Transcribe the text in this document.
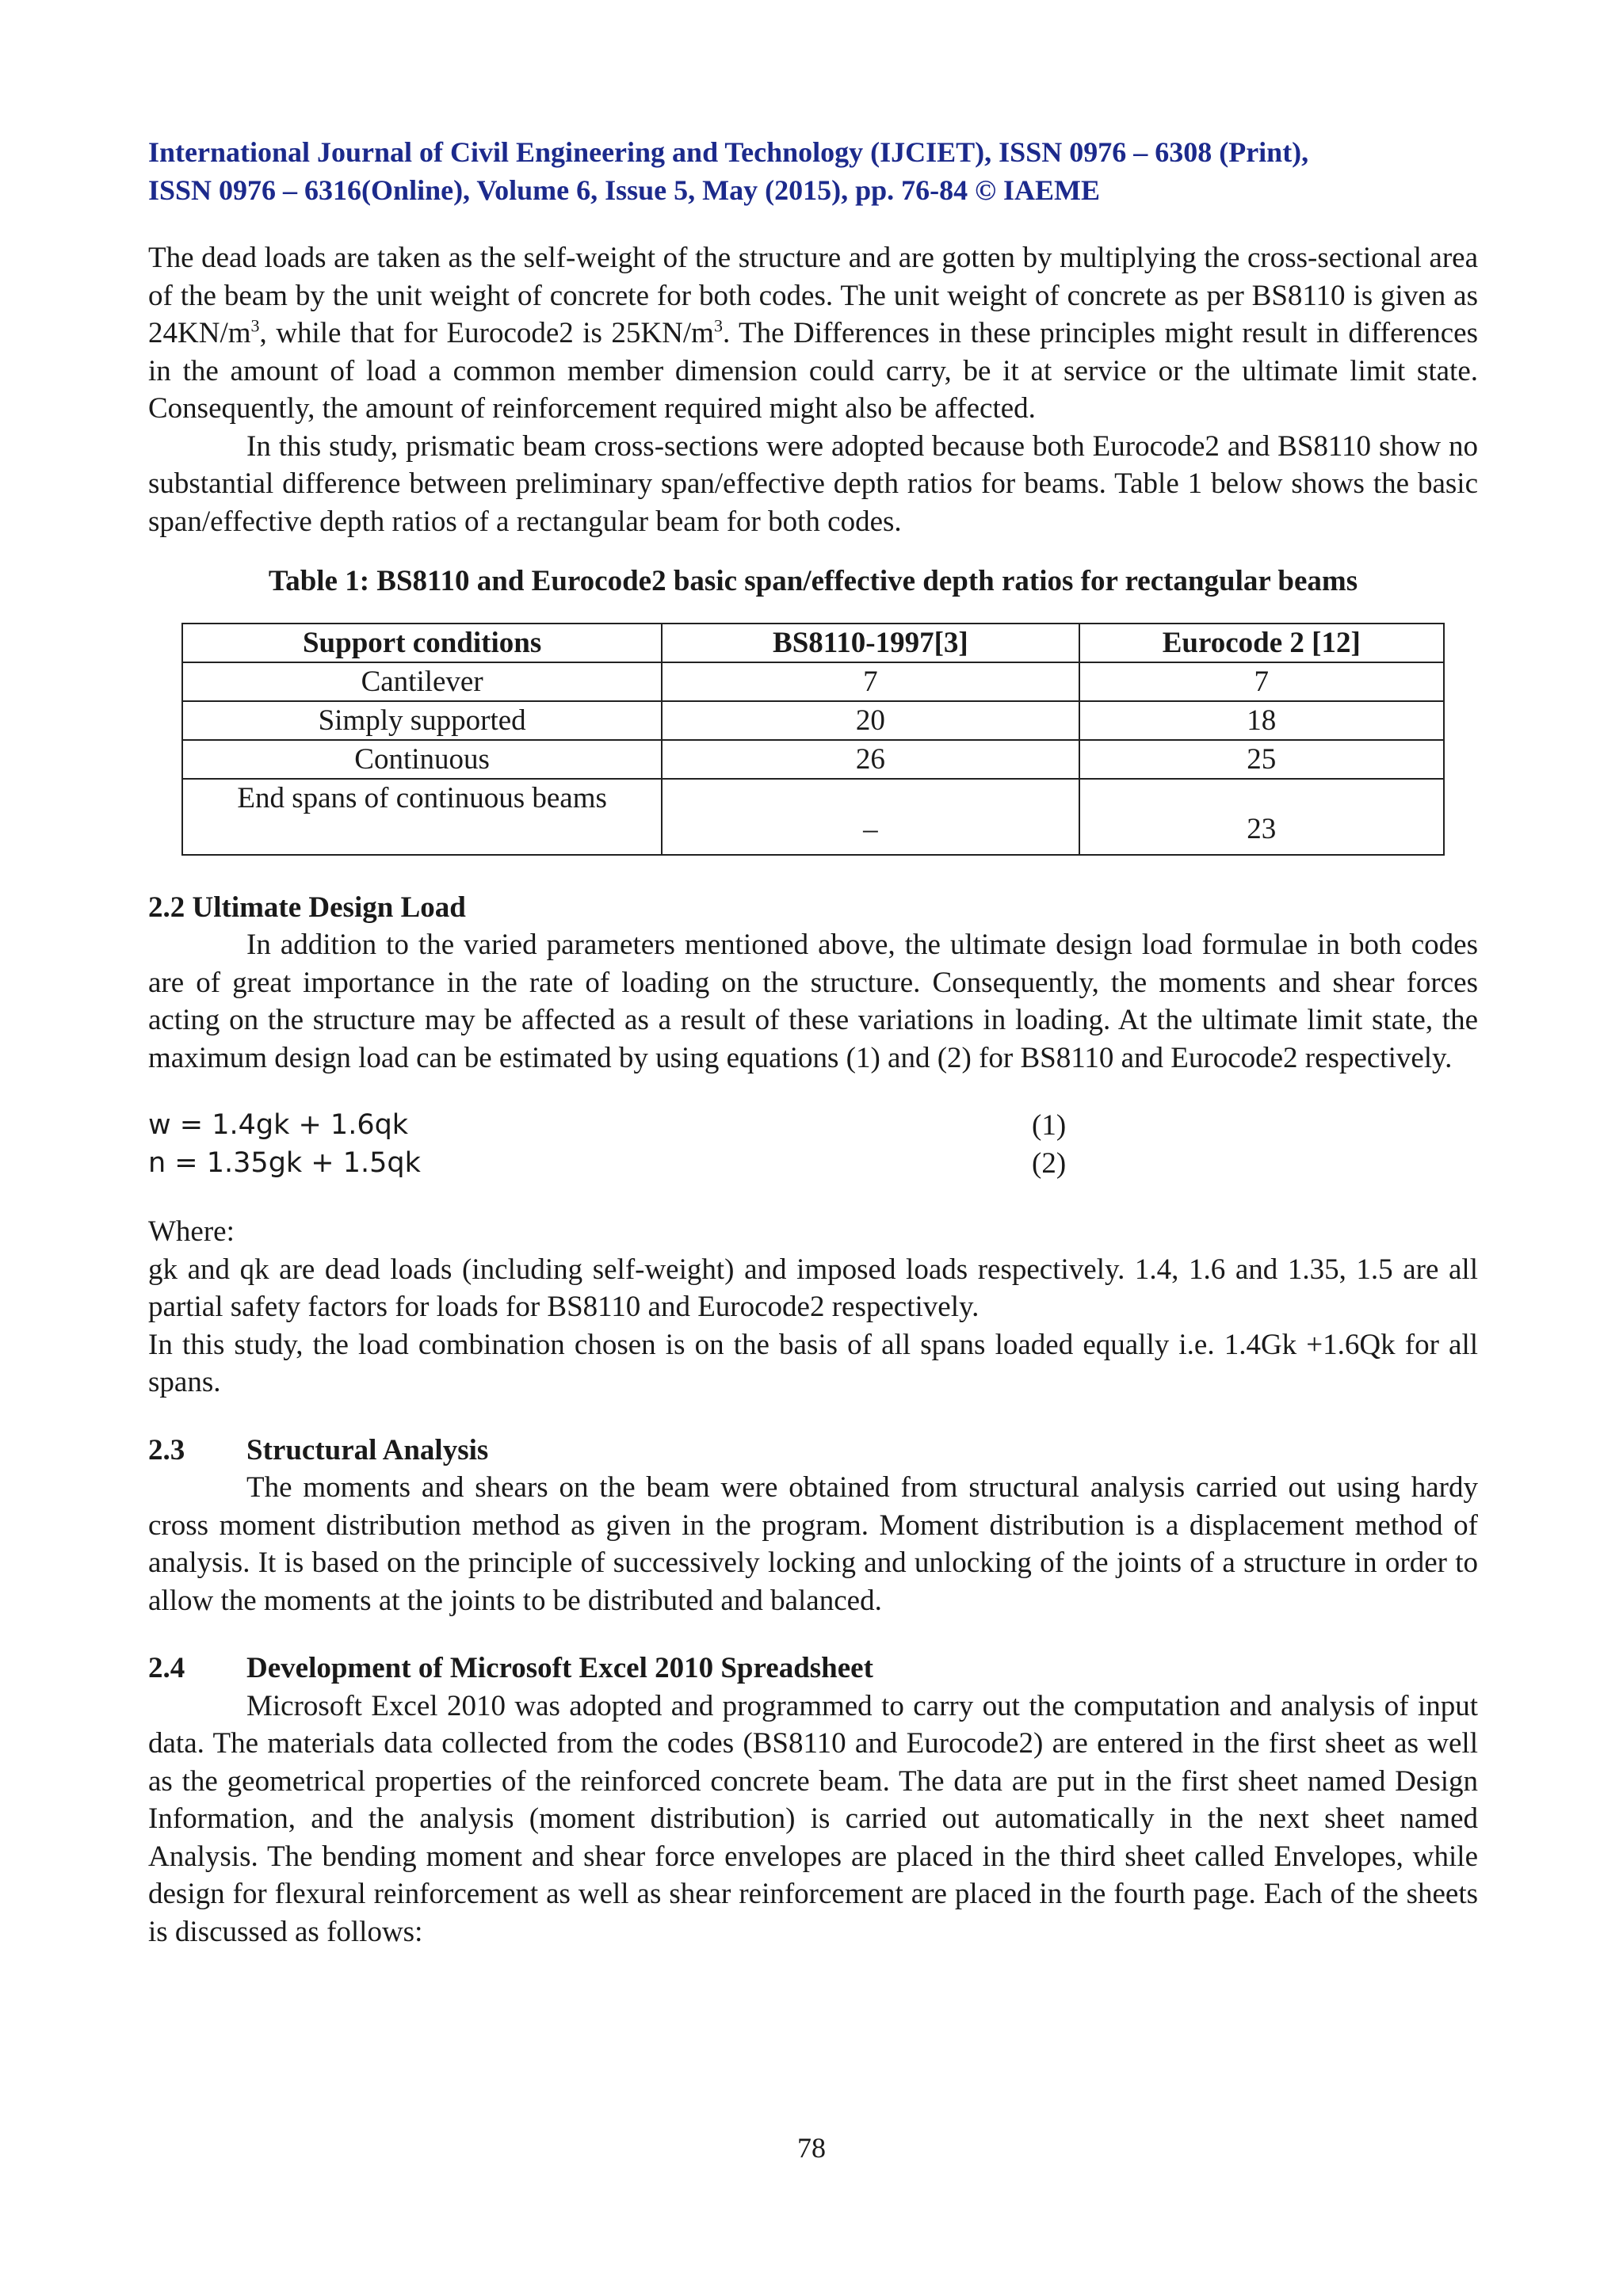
International Journal of Civil Engineering and Technology (IJCIET), ISSN 0976 – 6308 (Print),
ISSN 0976 – 6316(Online), Volume 6, Issue 5, May (2015), pp. 76-84 © IAEME

The dead loads are taken as the self-weight of the structure and are gotten by multiplying the cross-sectional area of the beam by the unit weight of concrete for both codes. The unit weight of concrete as per BS8110 is given as $24KN/m^3$, while that for Eurocode2 is $25KN/m^3$. The Differences in these principles might result in differences in the amount of load a common member dimension could carry, be it at service or the ultimate limit state. Consequently, the amount of reinforcement required might also be affected.

In this study, prismatic beam cross-sections were adopted because both Eurocode2 and BS8110 show no substantial difference between preliminary span/effective depth ratios for beams. Table 1 below shows the basic span/effective depth ratios of a rectangular beam for both codes.

Table 1: BS8110 and Eurocode2 basic span/effective depth ratios for rectangular beams
Support conditions	BS8110-1997[3]	Eurocode 2 [12]
Cantilever	7	7
Simply supported	20	18
Continuous	26	25
End spans of continuous beams	–	23
2.2 Ultimate Design Load

In addition to the varied parameters mentioned above, the ultimate design load formulae in both codes are of great importance in the rate of loading on the structure. Consequently, the moments and shear forces acting on the structure may be affected as a result of these variations in loading. At the ultimate limit state, the maximum design load can be estimated by using equations (1) and (2) for BS8110 and Eurocode2 respectively.

w = 1.4gk + 1.6qk	(1)
n = 1.35gk + 1.5qk	(2)

Where:

gk and qk are dead loads (including self-weight) and imposed loads respectively. 1.4, 1.6 and 1.35, 1.5 are all partial safety factors for loads for BS8110 and Eurocode2 respectively.

In this study, the load combination chosen is on the basis of all spans loaded equally i.e. 1.4Gk +1.6Qk for all spans.

2.3 Structural Analysis

The moments and shears on the beam were obtained from structural analysis carried out using hardy cross moment distribution method as given in the program. Moment distribution is a displacement method of analysis. It is based on the principle of successively locking and unlocking of the joints of a structure in order to allow the moments at the joints to be distributed and balanced.

2.4 Development of Microsoft Excel 2010 Spreadsheet

Microsoft Excel 2010 was adopted and programmed to carry out the computation and analysis of input data. The materials data collected from the codes (BS8110 and Eurocode2) are entered in the first sheet as well as the geometrical properties of the reinforced concrete beam. The data are put in the first sheet named Design Information, and the analysis (moment distribution) is carried out automatically in the next sheet named Analysis. The bending moment and shear force envelopes are placed in the third sheet called Envelopes, while design for flexural reinforcement as well as shear reinforcement are placed in the fourth page. Each of the sheets is discussed as follows:

78
